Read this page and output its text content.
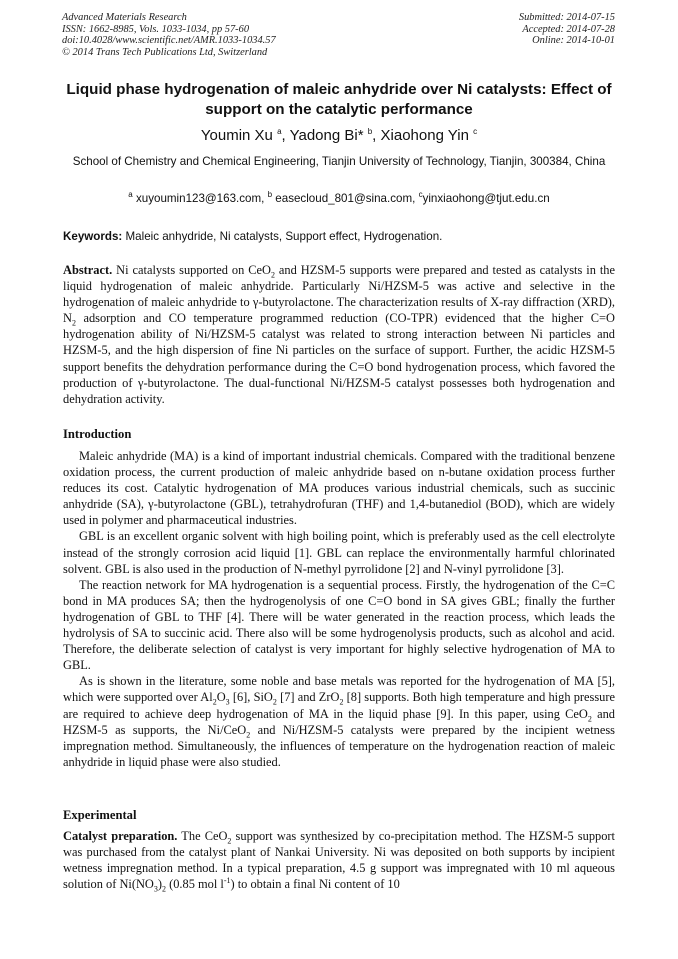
Advanced Materials Research
ISSN: 1662-8985, Vols. 1033-1034, pp 57-60
doi:10.4028/www.scientific.net/AMR.1033-1034.57
© 2014 Trans Tech Publications Ltd, Switzerland
Submitted: 2014-07-15
Accepted: 2014-07-28
Online: 2014-10-01
Liquid phase hydrogenation of maleic anhydride over Ni catalysts: Effect of support on the catalytic performance
Youmin Xu $^a$, Yadong Bi* $^b$, Xiaohong Yin $^c$
School of Chemistry and Chemical Engineering, Tianjin University of Technology, Tianjin, 300384, China
$^a$ xuyoumin123@163.com, $^b$ easecloud_801@sina.com, $^c$yinxiaohong@tjut.edu.cn
Keywords: Maleic anhydride, Ni catalysts, Support effect, Hydrogenation.

Abstract. Ni catalysts supported on CeO$_2$ and HZSM-5 supports were prepared and tested as catalysts in the liquid hydrogenation of maleic anhydride. Particularly Ni/HZSM-5 was active and selective in the hydrogenation of maleic anhydride to γ-butyrolactone. The characterization results of X-ray diffraction (XRD), $N_2$ adsorption and CO temperature programmed reduction (CO-TPR) evidenced that the higher C=O hydrogenation ability of Ni/HZSM-5 catalyst was related to strong interaction between Ni particles and HZSM-5, and the high dispersion of fine Ni particles on the surface of support. Further, the acidic HZSM-5 support benefits the dehydration performance during the C=O bond hydrogenation process, which favored the production of γ-butyrolactone. The dual-functional Ni/HZSM-5 catalyst possesses both hydrogenation and dehydration activity.

Introduction

Maleic anhydride (MA) is a kind of important industrial chemicals. Compared with the traditional benzene oxidation process, the current production of maleic anhydride based on n-butane oxidation process further reduces its cost. Catalytic hydrogenation of MA produces various industrial chemicals, such as succinic anhydride (SA), γ-butyrolactone (GBL), tetrahydrofuran (THF) and 1,4-butanediol (BOD), which are widely used in polymer and pharmaceutical industries.

GBL is an excellent organic solvent with high boiling point, which is preferably used as the cell electrolyte instead of the strongly corrosion acid liquid [1]. GBL can replace the environmentally harmful chlorinated solvent. GBL is also used in the production of N-methyl pyrrolidone [2] and N-vinyl pyrrolidone [3].

The reaction network for MA hydrogenation is a sequential process. Firstly, the hydrogenation of the C=C bond in MA produces SA; then the hydrogenolysis of one C=O bond in SA gives GBL; finally the further hydrogenation of GBL to THF [4]. There will be water generated in the reaction process, which leads the hydrolysis of SA to succinic acid. There also will be some hydrogenolysis products, such as alcohol and acid. Therefore, the deliberate selection of catalyst is very important for highly selective hydrogenation of MA to GBL.

As is shown in the literature, some noble and base metals was reported for the hydrogenation of MA [5], which were supported over $Al_2O_3$ [6], SiO$_2$ [7] and ZrO$_2$ [8] supports. Both high temperature and high pressure are required to achieve deep hydrogenation of MA in the liquid phase [9]. In this paper, using CeO$_2$ and HZSM-5 as supports, the Ni/CeO$_2$ and Ni/HZSM-5 catalysts were prepared by the incipient wetness impregnation method. Simultaneously, the influences of temperature on the hydrogenation reaction of maleic anhydride in liquid phase were also studied.

Experimental

Catalyst preparation. The CeO$_2$ support was synthesized by co-precipitation method. The HZSM-5 support was purchased from the catalyst plant of Nankai University. Ni was deposited on both supports by incipient wetness impregnation method. In a typical preparation, 4.5 g support was impregnated with 10 ml aqueous solution of $Ni(NO_3)_2$ (0.85 mol $l^{-1}$) to obtain a final Ni content of 10
